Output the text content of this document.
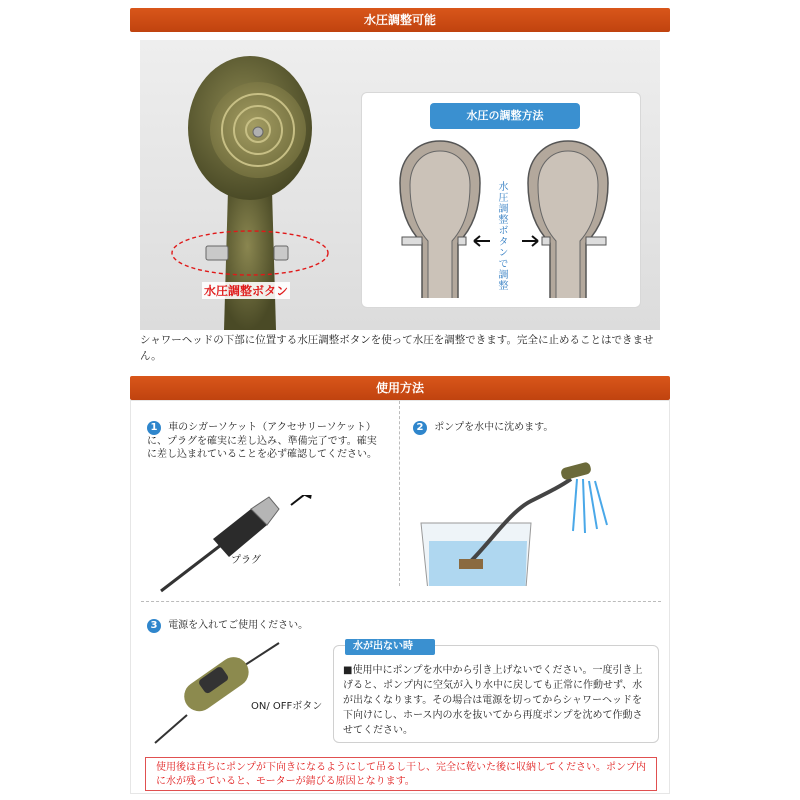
水圧調整可能
水圧調整ボタン
水圧の調整方法
水圧調整ボタンで調整
シャワーヘッドの下部に位置する水圧調整ボタンを使って水圧を調整できます。完全に止めることはできません。
使用方法
1 車のシガーソケット（アクセサリーソケット）に、プラグを確実に差し込み、準備完了です。確実に差し込まれていることを必ず確認してください。
プラグ
2 ポンプを水中に沈めます。
3 電源を入れてご使用ください。
ON/ OFFボタン
水が出ない時は･･･
■使用中にポンプを水中から引き上げないでください。一度引き上げると、ポンプ内に空気が入り水中に戻しても正常に作動せず、水が出なくなります。その場合は電源を切ってからシャワーヘッドを下向けにし、ホース内の水を抜いてから再度ポンプを沈めて作動させてください。
使用後は直ちにポンプが下向きになるようにして吊るし干し、完全に乾いた後に収納してください。ポンプ内に水が残っていると、モーターが錆びる原因となります。
